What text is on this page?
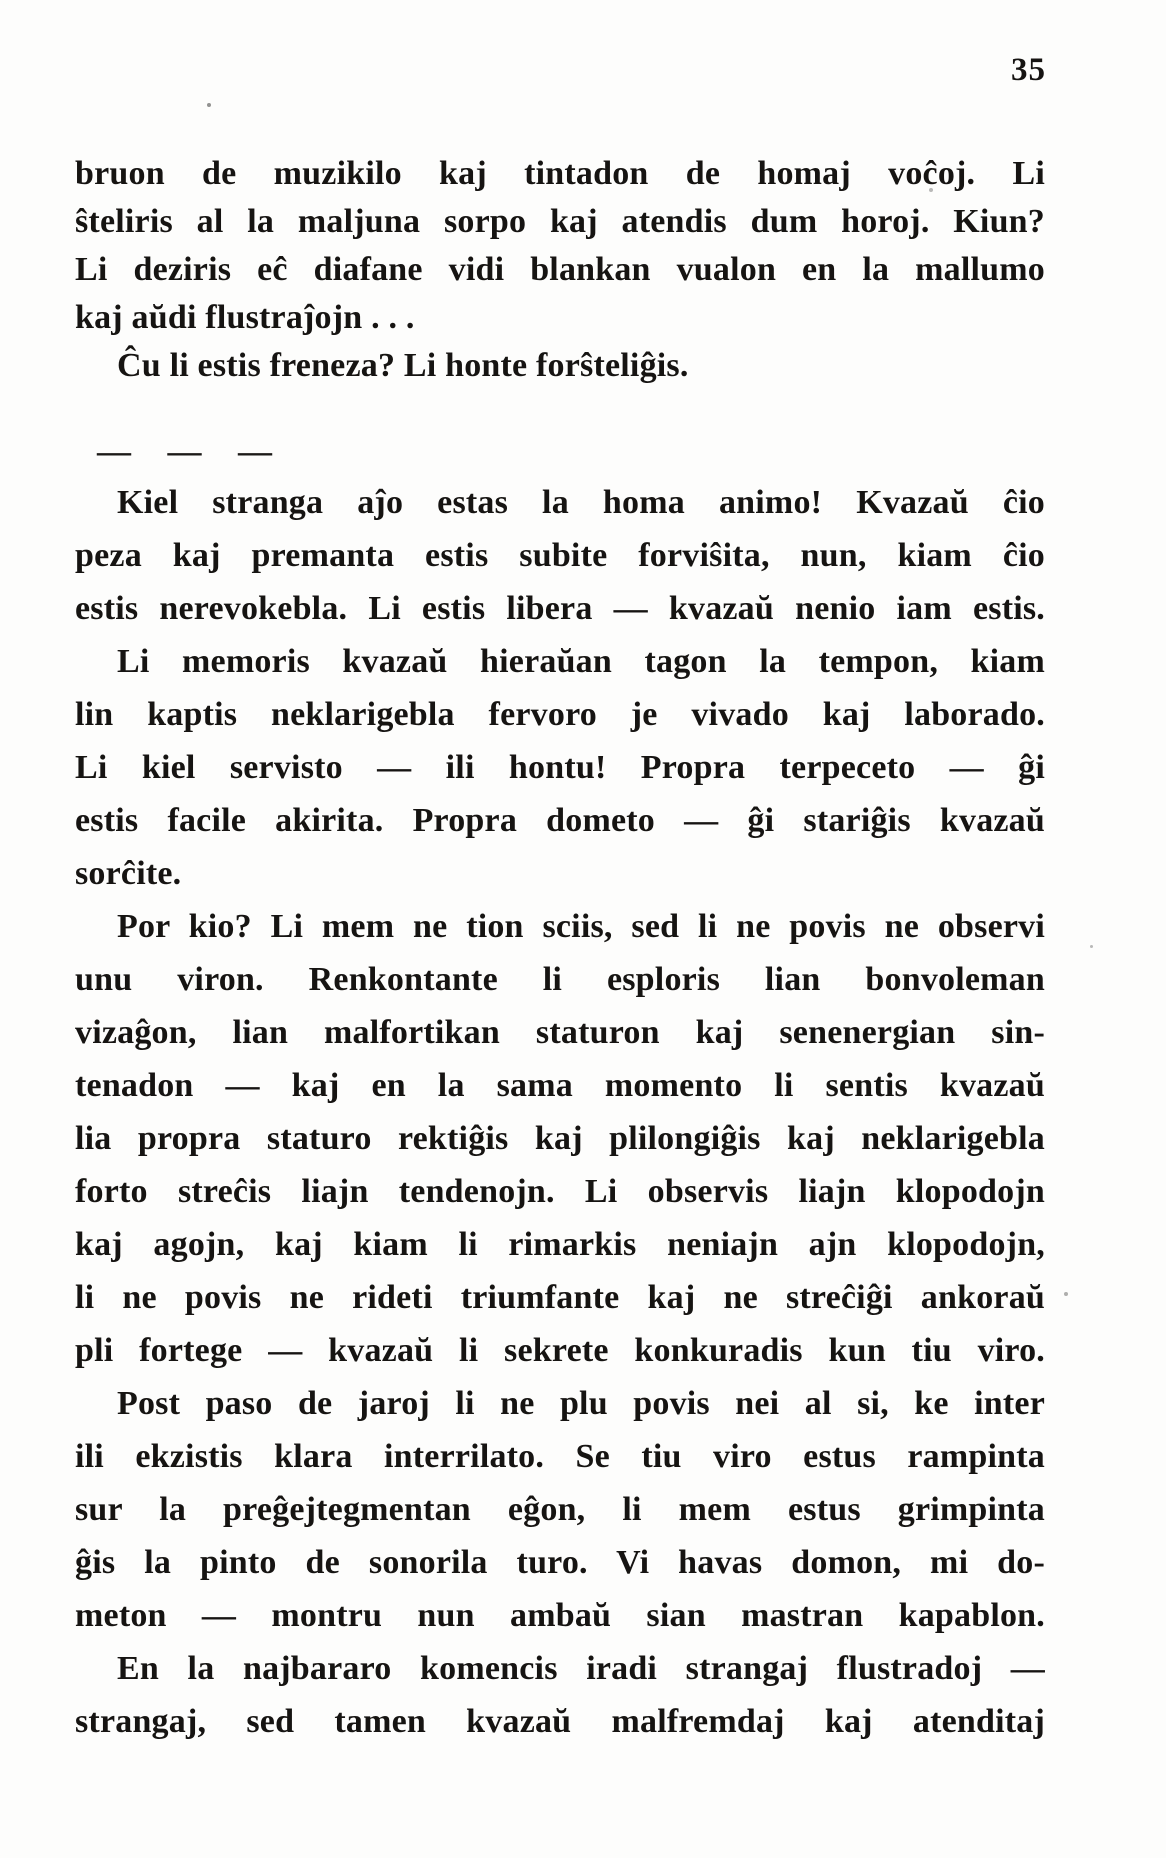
35
bruon de muzikilo kaj tintadon de homaj voĉoj. Li
ŝteliris al la maljuna sorpo kaj atendis dum horoj. Kiun?
Li deziris eĉ diafane vidi blankan vualon en la mallumo
kaj aŭdi flustraĵojn . . .
Ĉu li estis freneza? Li honte forŝteliĝis.
— — —
Kiel stranga aĵo estas la homa animo! Kvazaŭ ĉio
peza kaj premanta estis subite forviŝita, nun, kiam ĉio
estis nerevokebla. Li estis libera — kvazaŭ nenio iam estis.
Li memoris kvazaŭ hieraŭan tagon la tempon, kiam
lin kaptis neklarigebla fervoro je vivado kaj laborado.
Li kiel servisto — ili hontu! Propra terpeceto — ĝi
estis facile akirita. Propra dometo — ĝi stariĝis kvazaŭ
sorĉite.
Por kio? Li mem ne tion sciis, sed li ne povis ne observi
unu viron. Renkontante li esploris lian bonvoleman
vizaĝon, lian malfortikan staturon kaj senenergian sin-
tenadon — kaj en la sama momento li sentis kvazaŭ
lia propra staturo rektiĝis kaj plilongiĝis kaj neklarigebla
forto streĉis liajn tendenojn. Li observis liajn klopodojn
kaj agojn, kaj kiam li rimarkis neniajn ajn klopodojn,
li ne povis ne rideti triumfante kaj ne streĉiĝi ankoraŭ
pli fortege — kvazaŭ li sekrete konkuradis kun tiu viro.
Post paso de jaroj li ne plu povis nei al si, ke inter
ili ekzistis klara interrilato. Se tiu viro estus rampinta
sur la preĝejtegmentan eĝon, li mem estus grimpinta
ĝis la pinto de sonorila turo. Vi havas domon, mi do-
meton — montru nun ambaŭ sian mastran kapablon.
En la najbararo komencis iradi strangaj flustradoj —
strangaj, sed tamen kvazaŭ malfremdaj kaj atenditaj
